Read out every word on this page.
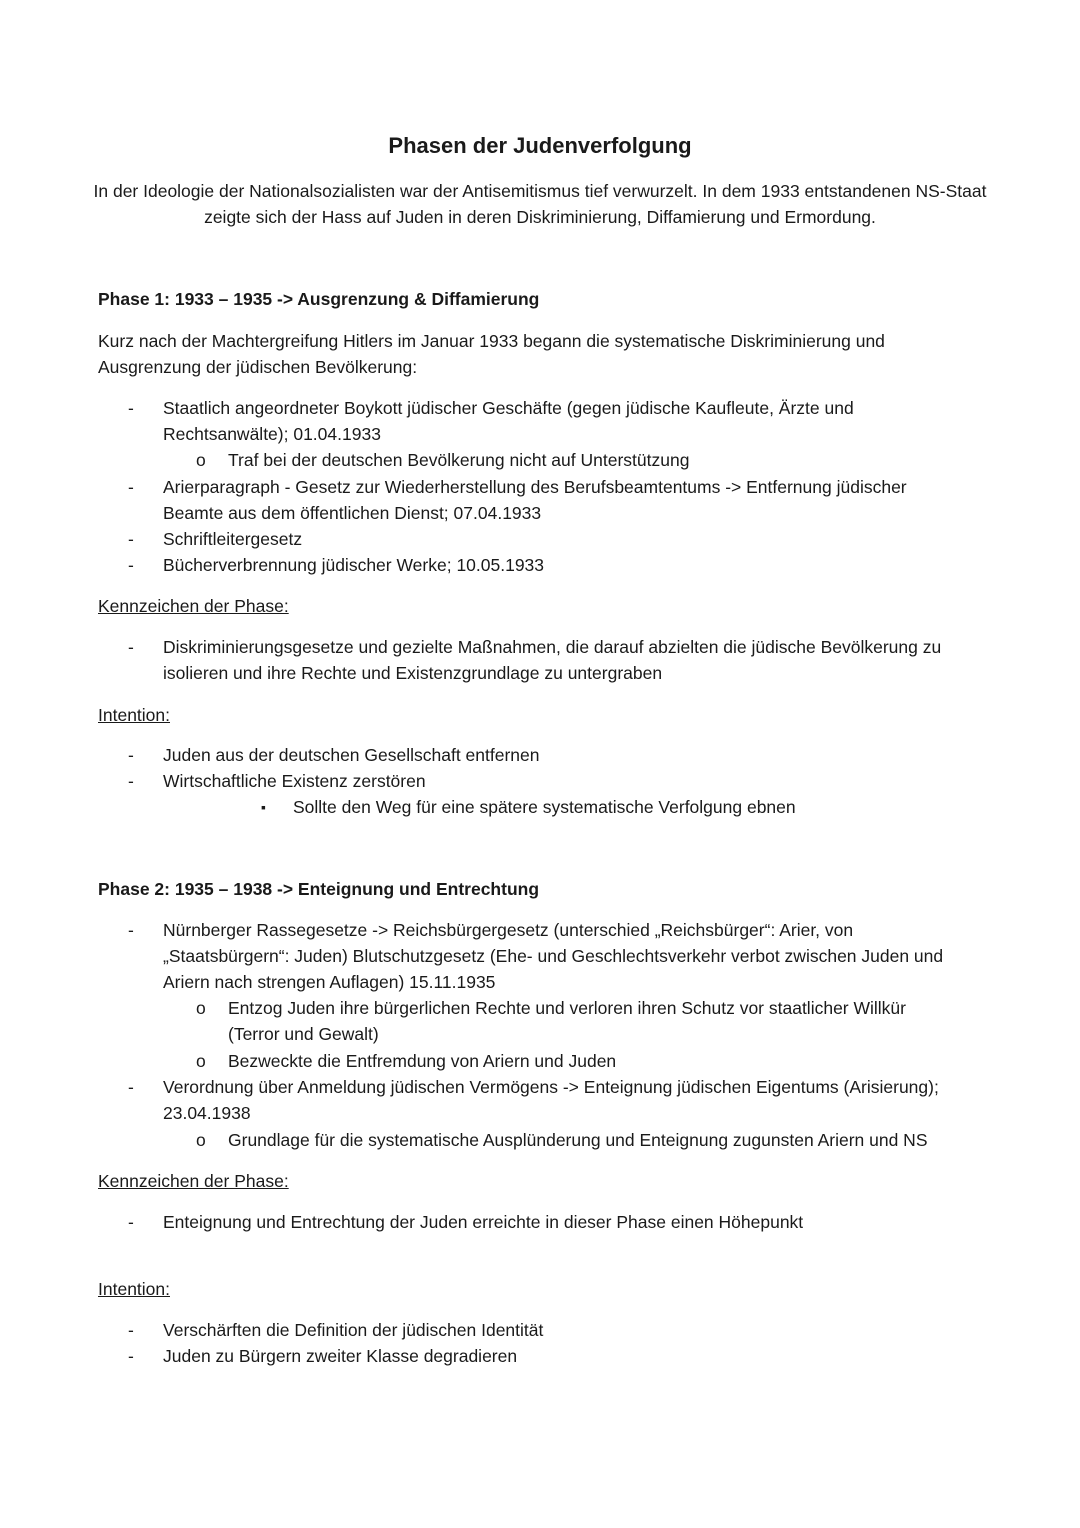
Phasen der Judenverfolgung

In der Ideologie der Nationalsozialisten war der Antisemitismus tief verwurzelt. In dem 1933 entstandenen NS-Staat zeigte sich der Hass auf Juden in deren Diskriminierung, Diffamierung und Ermordung.

Phase 1: 1933 – 1935 -> Ausgrenzung & Diffamierung

Kurz nach der Machtergreifung Hitlers im Januar 1933 begann die systematische Diskriminierung und Ausgrenzung der jüdischen Bevölkerung:

- Staatlich angeordneter Boykott jüdischer Geschäfte (gegen jüdische Kaufleute, Ärzte und Rechtsanwälte); 01.04.1933
o Traf bei der deutschen Bevölkerung nicht auf Unterstützung
- Arierparagraph - Gesetz zur Wiederherstellung des Berufsbeamtentums -> Entfernung jüdischer Beamte aus dem öffentlichen Dienst; 07.04.1933
- Schriftleitergesetz
- Bücherverbrennung jüdischer Werke; 10.05.1933
Kennzeichen der Phase:
- Diskriminierungsgesetze und gezielte Maßnahmen, die darauf abzielten die jüdische Bevölkerung zu isolieren und ihre Rechte und Existenzgrundlage zu untergraben
Intention:
- Juden aus der deutschen Gesellschaft entfernen
- Wirtschaftliche Existenz zerstören
▪ Sollte den Weg für eine spätere systematische Verfolgung ebnen
Phase 2: 1935 – 1938 -> Enteignung und Entrechtung
- Nürnberger Rassegesetze -> Reichsbürgergesetz (unterschied „Reichsbürger“: Arier, von „Staatsbürgern“: Juden) Blutschutzgesetz (Ehe- und Geschlechtsverkehr verbot zwischen Juden und Ariern nach strengen Auflagen) 15.11.1935
o Entzog Juden ihre bürgerlichen Rechte und verloren ihren Schutz vor staatlicher Willkür (Terror und Gewalt)
o Bezweckte die Entfremdung von Ariern und Juden
- Verordnung über Anmeldung jüdischen Vermögens -> Enteignung jüdischen Eigentums (Arisierung); 23.04.1938
o Grundlage für die systematische Ausplünderung und Enteignung zugunsten Ariern und NS
Kennzeichen der Phase:
- Enteignung und Entrechtung der Juden erreichte in dieser Phase einen Höhepunkt
Intention:
- Verschärften die Definition der jüdischen Identität
- Juden zu Bürgern zweiter Klasse degradieren
